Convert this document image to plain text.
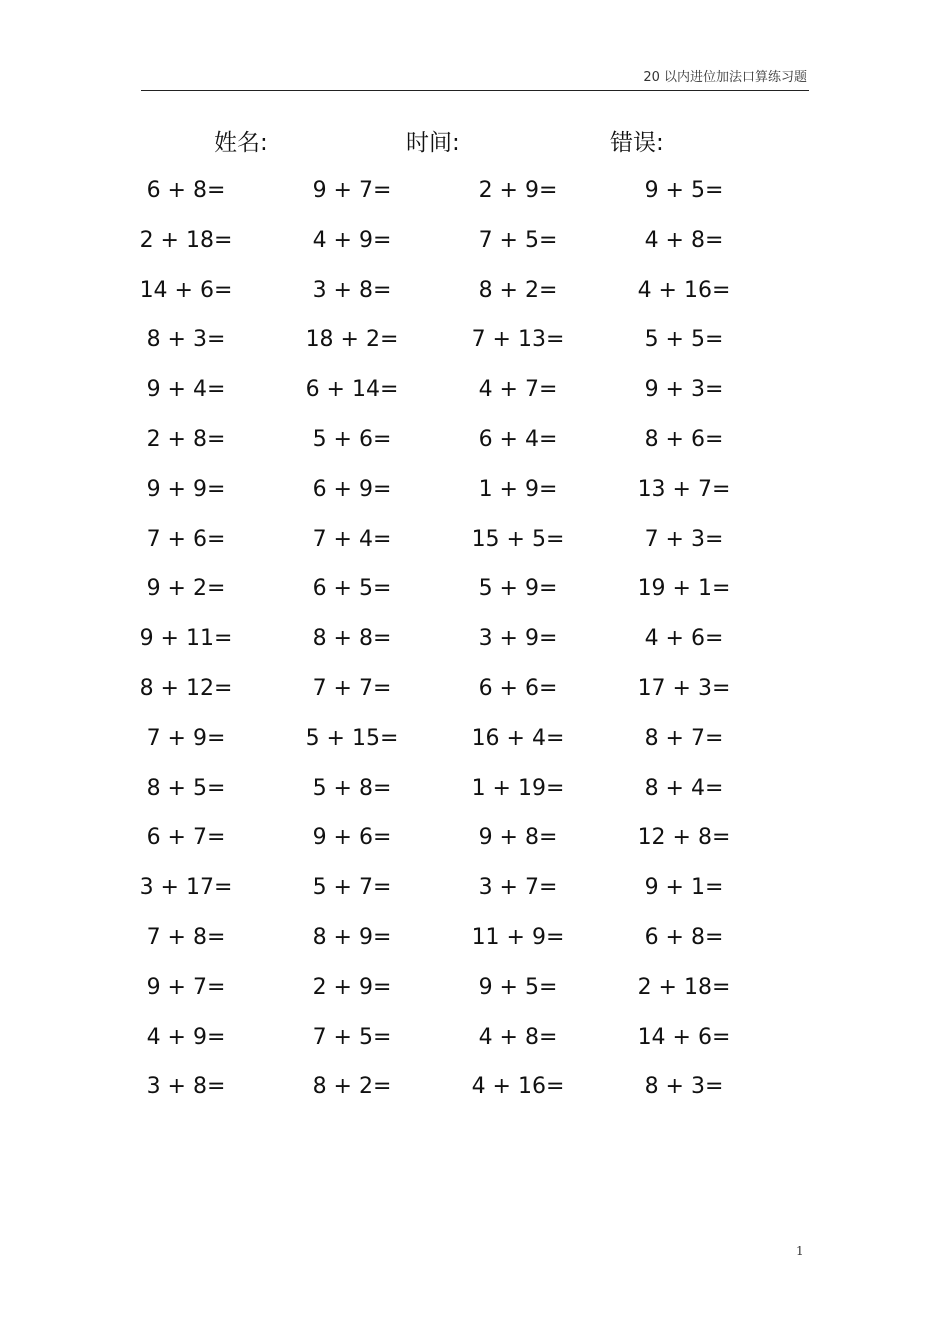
20 以内进位加法口算练习题
姓名:	时间:	错误:
6 + 8=	9 + 7=	2 + 9=	9 + 5=
2 + 18=	4 + 9=	7 + 5=	4 + 8=
14 + 6=	3 + 8=	8 + 2=	4 + 16=
8 + 3=	18 + 2=	7 + 13=	5 + 5=
9 + 4=	6 + 14=	4 + 7=	9 + 3=
2 + 8=	5 + 6=	6 + 4=	8 + 6=
9 + 9=	6 + 9=	1 + 9=	13 + 7=
7 + 6=	7 + 4=	15 + 5=	7 + 3=
9 + 2=	6 + 5=	5 + 9=	19 + 1=
9 + 11=	8 + 8=	3 + 9=	4 + 6=
8 + 12=	7 + 7=	6 + 6=	17 + 3=
7 + 9=	5 + 15=	16 + 4=	8 + 7=
8 + 5=	5 + 8=	1 + 19=	8 + 4=
6 + 7=	9 + 6=	9 + 8=	12 + 8=
3 + 17=	5 + 7=	3 + 7=	9 + 1=
7 + 8=	8 + 9=	11 + 9=	6 + 8=
9 + 7=	2 + 9=	9 + 5=	2 + 18=
4 + 9=	7 + 5=	4 + 8=	14 + 6=
3 + 8=	8 + 2=	4 + 16=	8 + 3=
1
